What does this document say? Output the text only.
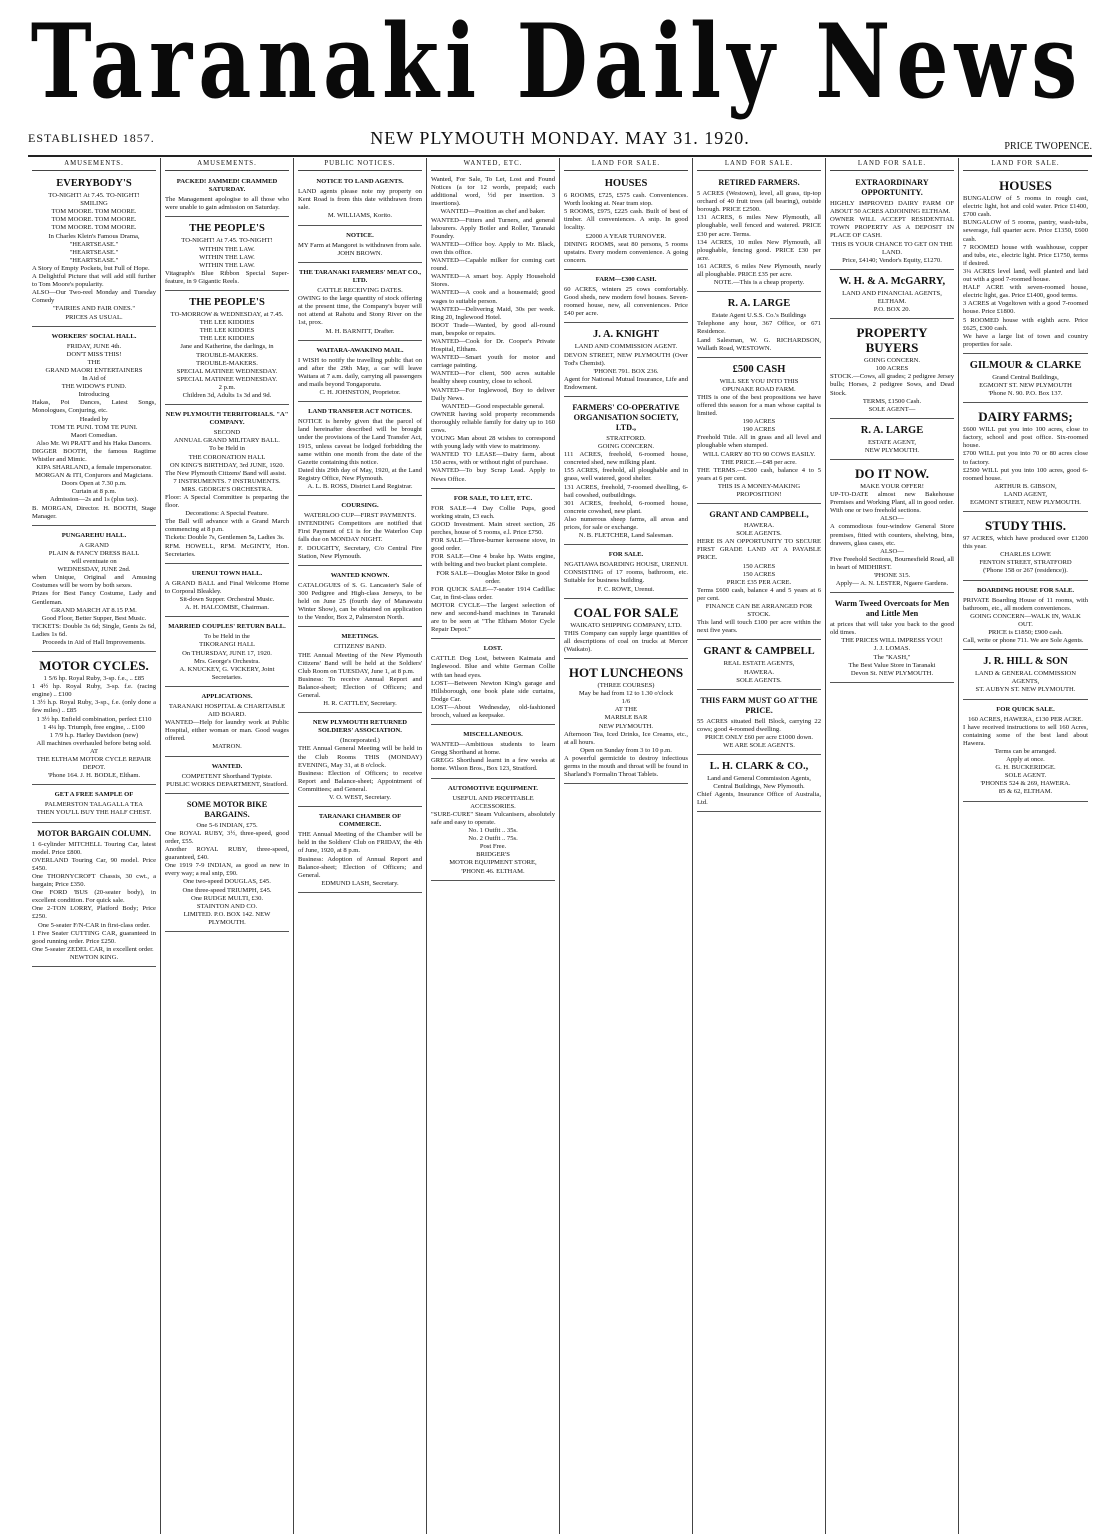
Taranaki Daily News
ESTABLISHED 1857.	NEW PLYMOUTH MONDAY. MAY 31. 1920.	PRICE TWOPENCE.
AMUSEMENTS.
EVERYBODY'S
TO-NIGHT! At 7.45. TO-NIGHT!
SMILING
TOM MOORE. TOM MOORE.
TOM MOORE. TOM MOORE.
TOM MOORE. TOM MOORE.
In Charles Klein's Famous Drama,
"HEARTSEASE."
"HEARTSEASE."
"HEARTSEASE."
A Story of Empty Pockets, but Full of Hope.
A Delightful Picture that will add still further to Tom Moore's popularity.
ALSO—Our Two-reel Monday and Tuesday Comedy
"FAIRIES AND FAIR ONES."
PRICES AS USUAL.
WORKERS' SOCIAL HALL.
FRIDAY, JUNE 4th.
DON'T MISS THIS!
THE
GRAND MAORI ENTERTAINERS
In Aid of
THE WIDOW'S FUND.
Introducing
Hakas, Poi Dances, Latest Songs, Monologues, Conjuring, etc.
Headed by
TOM TE PUNI. TOM TE PUNI.
Maori Comedian.
Also Mr. Wi PRATT and his Haka Dancers.
DIGGER BOOTH, the famous Ragtime Whistler and Mimic.
KIPA SHARLAND, a female impersonator.
MORGAN & ITI, Conjurors and Magicians.
Doors Open at 7.30 p.m.
Curtain at 8 p.m.
Admission—2s and 1s (plus tax).
B. MORGAN, Director. H. BOOTH, Stage Manager.
PUNGAREHU HALL.
A GRAND
PLAIN & FANCY DRESS BALL
will eventuate on
WEDNESDAY, JUNE 2nd.
when Unique, Original and Amusing Costumes will be worn by both sexes.
Prizes for Best Fancy Costume, Lady and Gentleman.
GRAND MARCH AT 8.15 P.M.
Good Floor, Better Supper, Best Music.
TICKETS: Double 3s 6d; Single, Gents 2s 6d, Ladies 1s 6d.
Proceeds in Aid of Hall Improvements.
MOTOR CYCLES.
1 5/6 hp. Royal Ruby, 3-sp. f.e., .. £85
1 4½ hp. Royal Ruby, 3-sp. f.e. (racing engine) .. £100
1 3½ h.p. Royal Ruby, 3-sp., f.e. (only done a few miles) .. £85
1 3½ hp. Enfield combination, perfect £110
1 4¼ hp. Triumph, free engine, .. £100
1 7/9 h.p. Harley Davidson (new)
All machines overhauled before being sold.
AT
THE ELTHAM MOTOR CYCLE REPAIR DEPOT.
'Phone 164. J. H. BODLE, Eltham.
GET A FREE SAMPLE OF
PALMERSTON TALAGALLA TEA
THEN YOU'LL BUY THE HALF CHEST.
MOTOR BARGAIN COLUMN.
1 6-cylinder MITCHELL Touring Car, latest model. Price £800.
OVERLAND Touring Car, 90 model. Price £450.
One THORNYCROFT Chassis, 30 cwt., a bargain; Price £350.
One FORD 'BUS (20-seater body), in excellent condition. For quick sale.
One 2-TON LORRY, Platford Body; Price £250.
One 5-seater F/N-CAR in first-class order.
1 Five Seater CUTTING CAR, guaranteed in good running order. Price £250.
One 5-seater ZEDEL CAR, in excellent order.
NEWTON KING.
AMUSEMENTS.
PACKED! JAMMED! CRAMMED SATURDAY.
The Management apologise to all those who were unable to gain admission on Saturday.
THE PEOPLE'S
TO-NIGHT! At 7.45. TO-NIGHT!
WITHIN THE LAW.
WITHIN THE LAW.
WITHIN THE LAW.
Vitagraph's Blue Ribbon Special Super-feature, in 9 Gigantic Reels.
THE PEOPLE'S
TO-MORROW & WEDNESDAY, at 7.45.
THE LEE KIDDIES
THE LEE KIDDIES
THE LEE KIDDIES
Jane and Katherine, the darlings, in
TROUBLE-MAKERS.
TROUBLE-MAKERS.
SPECIAL MATINEE WEDNESDAY.
SPECIAL MATINEE WEDNESDAY.
2 p.m.
Children 3d, Adults 1s 3d and 9d.
NEW PLYMOUTH TERRITORIALS. "A" COMPANY.
SECOND
ANNUAL GRAND MILITARY BALL.
To be Held in
THE CORONATION HALL
ON KING'S BIRTHDAY, 3rd JUNE, 1920.
The New Plymouth Citizens' Band will assist.
7 INSTRUMENTS. 7 INSTRUMENTS.
MRS. GEORGE'S ORCHESTRA.
Floor: A Special Committee is preparing the floor.
Decorations: A Special Feature.
The Ball will advance with a Grand March commencing at 8 p.m.
Tickets: Double 7s, Gentlemen 5s, Ladies 3s.
RFM. HOWELL, RFM. McGINTY, Hon. Secretaries.
URENUI TOWN HALL.
A GRAND BALL and Final Welcome Home to Corporal Bleakley.
Sit-down Supper. Orchestral Music.
A. H. HALCOMBE, Chairman.
MARRIED COUPLES' RETURN BALL.
To be Held in the
TIKORANGI HALL
On THURSDAY, JUNE 17, 1920.
Mrs. George's Orchestra.
A. KNUCKEY, G. VICKERY, Joint Secretaries.
APPLICATIONS.
TARANAKI HOSPITAL & CHARITABLE AID BOARD.
WANTED—Help for laundry work at Public Hospital, either woman or man. Good wages offered.
MATRON.
WANTED.
COMPETENT Shorthand Typiste.
PUBLIC WORKS DEPARTMENT, Stratford.
SOME MOTOR BIKE BARGAINS.
One 5-6 INDIAN, £75.
One ROYAL RUBY, 3½, three-speed, good order, £55.
Another ROYAL RUBY, three-speed, guaranteed, £40.
One 1919 7-9 INDIAN, as good as new in every way; a real snip, £90.
One two-speed DOUGLAS, £45.
One three-speed TRIUMPH, £45.
One RUDGE MULTI, £30.
STAINTON AND CO.
LIMITED. P.O. BOX 142. NEW PLYMOUTH.
PUBLIC NOTICES.
NOTICE TO LAND AGENTS.
LAND agents please note my property on Kent Road is from this date withdrawn from sale.
M. WILLIAMS, Korito.
NOTICE.
MY Farm at Mangorei is withdrawn from sale.
JOHN BROWN.
THE TARANAKI FARMERS' MEAT CO., LTD.
CATTLE RECEIVING DATES.
OWING to the large quantity of stock offering at the present time, the Company's buyer will not attend at Rahotu and Stony River on the 1st, prox.
M. H. BARNITT, Drafter.
WAITARA-AWAKINO MAIL.
I WISH to notify the travelling public that on and after the 29th May, a car will leave Waitara at 7 a.m. daily, carrying all passengers and mails beyond Tongaporutu.
C. H. JOHNSTON, Proprietor.
LAND TRANSFER ACT NOTICES.
NOTICE is hereby given that the parcel of land hereinafter described will be brought under the provisions of the Land Transfer Act, 1915, unless caveat be lodged forbidding the same within one month from the date of the Gazette containing this notice.
Dated this 29th day of May, 1920, at the Land Registry Office, New Plymouth.
A. L. B. ROSS, District Land Registrar.
COURSING.
WATERLOO CUP—FIRST PAYMENTS.
INTENDING Competitors are notified that First Payment of £1 is for the Waterloo Cup falls due on MONDAY NIGHT.
F. DOUGHTY, Secretary, C/o Central Fire Station, New Plymouth.
WANTED KNOWN.
CATALOGUES of S. G. Lancaster's Sale of 300 Pedigree and High-class Jerseys, to be held on June 25 (fourth day of Manawatu Winter Show), can be obtained on application to the Vendor, Box 2, Palmerston North.
MEETINGS.
CITIZENS' BAND.
THE Annual Meeting of the New Plymouth Citizens' Band will be held at the Soldiers' Club Room on TUESDAY, June 1, at 8 p.m.
Business: To receive Annual Report and Balance-sheet; Election of Officers; and General.
H. R. CATTLEY, Secretary.
NEW PLYMOUTH RETURNED SOLDIERS' ASSOCIATION.
(Incorporated.)
THE Annual General Meeting will be held in the Club Rooms THIS (MONDAY) EVENING, May 31, at 8 o'clock.
Business: Election of Officers; to receive Report and Balance-sheet; Appointment of Committees; and General.
V. O. WEST, Secretary.
TARANAKI CHAMBER OF COMMERCE.
THE Annual Meeting of the Chamber will be held in the Soldiers' Club on FRIDAY, the 4th of June, 1920, at 8 p.m.
Business: Adoption of Annual Report and Balance-sheet; Election of Officers; and General.
EDMUND LASH, Secretary.
WANTED, ETC.
Wanted, For Sale, To Let, Lost and Found Notices (a tor 12 words, prepaid; each additional word, ½d per insertion. 3 insertions).
WANTED—Position as chef and baker.
WANTED—Fitters and Turners, and general labourers. Apply Boiler and Roller, Taranaki Foundry.
WANTED—Office boy. Apply to Mr. Black, own this office.
WANTED—Capable milker for coming cart round.
WANTED—A smart boy. Apply Household Stores.
WANTED—A cook and a housemaid; good wages to suitable person.
WANTED—Delivering Maid, 30s per week. Ring 20, Inglewood Hotel.
BOOT Trade—Wanted, by good all-round man, bespoke or repairs.
WANTED—Cook for Dr. Cooper's Private Hospital, Eltham.
WANTED—Smart youth for motor and carriage painting.
WANTED—For client, 500 acres suitable healthy sheep country, close to school.
WANTED—For Inglewood, Boy to deliver Daily News.
WANTED—Good respectable general.
OWNER having sold property recommends thoroughly reliable family for dairy up to 160 cows.
YOUNG Man about 28 wishes to correspond with young lady with view to matrimony.
WANTED TO LEASE—Dairy farm, about 150 acres, with or without right of purchase.
WANTED—To buy Scrap Lead. Apply to News Office.
FOR SALE, TO LET, ETC.
FOR SALE—4 Day Collie Pups, good working strain, £3 each.
GOOD Investment. Main street section, 26 perches, house of 5 rooms, e.l. Price £750.
FOR SALE—Three-burner kerosene stove, in good order.
FOR SALE—One 4 brake hp. Watts engine, with belting and two bucket plant complete.
FOR SALE—Douglas Motor Bike in good order.
FOR QUICK SALE—7-seater 1914 Cadillac Car, in first-class order.
MOTOR CYCLE—The largest selection of new and second-hand machines in Taranaki are to be seen at "The Eltham Motor Cycle Repair Depot."
LOST.
CATTLE Dog Lost, between Kaimata and Inglewood. Blue and white German Collie with tan head eyes.
LOST—Between Newton King's garage and Hillsborough, one book plate side curtains, Dodge Car.
LOST—About Wednesday, old-fashioned brooch, valued as keepsake.
MISCELLANEOUS.
WANTED—Ambitious students to learn Gregg Shorthand at home.
GREGG Shorthand learnt in a few weeks at home. Wilson Bros., Box 123, Stratford.
AUTOMOTIVE EQUIPMENT.
USEFUL AND PROFITABLE ACCESSORIES.
"SURE-CURE" Steam Vulcanisers, absolutely safe and easy to operate.
No. 1 Outfit .. 35s.
No. 2 Outfit .. 75s.
Post Free.
BRIDGER'S
MOTOR EQUIPMENT STORE,
'PHONE 46. ELTHAM.
LAND FOR SALE.
HOUSES
6 ROOMS, £725, £575 cash. Conveniences. Worth looking at. Near tram stop.
5 ROOMS, £975, £225 cash. Built of best of timber. All conveniences. A snip. In good locality.
£2000 A YEAR TURNOVER.
DINING ROOMS, seat 80 persons, 5 rooms upstairs. Every modern convenience. A going concern.
FARM—£300 CASH.
60 ACRES, winters 25 cows comfortably. Good sheds, new modern fowl houses. Seven-roomed house, new, all conveniences. Price £40 per acre.
J. A. KNIGHT
LAND AND COMMISSION AGENT.
DEVON STREET, NEW PLYMOUTH (Over Tod's Chemist).
'PHONE 791. BOX 236.
Agent for National Mutual Insurance, Life and Endowment.
FARMERS' CO-OPERATIVE ORGANISATION SOCIETY, LTD.,
STRATFORD.
GOING CONCERN.
111 ACRES, freehold, 6-roomed house, concreted shed, new milking plant.
155 ACRES, freehold, all ploughable and in grass, well watered, good shelter.
131 ACRES, freehold, 7-roomed dwelling, 6-bail cowshed, outbuildings.
301 ACRES, freehold, 6-roomed house, concrete cowshed, new plant.
Also numerous sheep farms, all areas and prices, for sale or exchange.
N. B. FLETCHER, Land Salesman.
FOR SALE.
NGATIAWA BOARDING HOUSE, URENUI.
CONSISTING of 17 rooms, bathroom, etc. Suitable for business building.
F. C. ROWE, Urenui.
COAL FOR SALE
WAIKATO SHIPPING COMPANY, LTD.
THIS Company can supply large quantities of all descriptions of coal on trucks at Mercer (Waikato).
HOT LUNCHEONS
(THREE COURSES)
May be had from 12 to 1.30 o'clock
1/6
AT THE
MARBLE BAR
NEW PLYMOUTH.
Afternoon Tea, Iced Drinks, Ice Creams, etc., at all hours.
Open on Sunday from 3 to 10 p.m.
A powerful germicide to destroy infectious germs in the mouth and throat will be found in Sharland's Formalin Throat Tablets.
LAND FOR SALE.
RETIRED FARMERS.
5 ACRES (Westown), level, all grass, tip-top orchard of 40 fruit trees (all bearing), outside borough. PRICE £2500.
131 ACRES, 6 miles New Plymouth, all ploughable, well fenced and watered. PRICE £30 per acre. Terms.
134 ACRES, 10 miles New Plymouth, all ploughable, fencing good. PRICE £30 per acre.
161 ACRES, 6 miles New Plymouth, nearly all ploughable. PRICE £35 per acre.
NOTE.—This is a cheap property.
R. A. LARGE
Estate Agent U.S.S. Co.'s Buildings
Telephone any hour, 367 Office, or 671 Residence.
Land Salesman, W. G. RICHARDSON, Wallath Road, WESTOWN.
£500 CASH
WILL SEE YOU INTO THIS
OPUNAKE ROAD FARM.
THIS is one of the best propositions we have offered this season for a man whose capital is limited.
190 ACRES
190 ACRES
Freehold Title. All in grass and all level and ploughable when stumped.
WILL CARRY 80 TO 90 COWS EASILY.
THE PRICE.—£48 per acre.
THE TERMS.—£500 cash, balance 4 to 5 years at 6 per cent.
THIS IS A MONEY-MAKING PROPOSITION!
GRANT AND CAMPBELL,
HAWERA.
SOLE AGENTS.
HERE IS AN OPPORTUNITY TO SECURE FIRST GRADE LAND AT A PAYABLE PRICE.
150 ACRES
150 ACRES
PRICE £35 PER ACRE.
Terms £600 cash, balance 4 and 5 years at 6 per cent.
FINANCE CAN BE ARRANGED FOR STOCK.
This land will touch £100 per acre within the next five years.
GRANT & CAMPBELL
REAL ESTATE AGENTS,
HAWERA.
SOLE AGENTS.
THIS FARM MUST GO AT THE PRICE.
55 ACRES situated Bell Block, carrying 22 cows; good 4-roomed dwelling.
PRICE ONLY £60 per acre £1000 down.
WE ARE SOLE AGENTS.
L. H. CLARK & CO.,
Land and General Commission Agents,
Central Buildings, New Plymouth.
Chief Agents, Insurance Office of Australia, Ltd.
LAND FOR SALE.
EXTRAORDINARY OPPORTUNITY.
HIGHLY IMPROVED DAIRY FARM OF ABOUT 50 ACRES ADJOINING ELTHAM.
OWNER WILL ACCEPT RESIDENTIAL TOWN PROPERTY AS A DEPOSIT IN PLACE OF CASH.
THIS IS YOUR CHANCE TO GET ON THE LAND.
Price, £4140; Vendor's Equity, £1270.
W. H. & A. McGARRY,
LAND AND FINANCIAL AGENTS,
ELTHAM.
P.O. BOX 20.
PROPERTY BUYERS
GOING CONCERN.
100 ACRES
STOCK.—Cows, all grades; 2 pedigree Jersey bulls; Horses, 2 pedigree Sows, and Dead Stock.
TERMS, £1500 Cash.
SOLE AGENT—
R. A. LARGE
ESTATE AGENT,
NEW PLYMOUTH.
DO IT NOW.
MAKE YOUR OFFER!
UP-TO-DATE almost new Bakehouse Premises and Working Plant, all in good order. With one or two freehold sections.
ALSO—
A commodious four-window General Store premises, fitted with counters, shelving, bins, drawers, glass cases, etc.
ALSO—
Five Freehold Sections, Bournesfield Road, all in heart of MIDHIRST.
'PHONE 315.
Apply— A. N. LESTER, Ngaere Gardens.
Warm Tweed Overcoats for Men and Little Men
at prices that will take you back to the good old times.
THE PRICES WILL IMPRESS YOU!
J. J. LOMAS.
The "KASH,"
The Best Value Store in Taranaki
Devon St. NEW PLYMOUTH.
LAND FOR SALE.
HOUSES
BUNGALOW of 5 rooms in rough cast, electric light, hot and cold water. Price £1400, £700 cash.
BUNGALOW of 5 rooms, pantry, wash-tubs, sewerage, full quarter acre. Price £1350, £600 cash.
7 ROOMED house with washhouse, copper and tubs, etc., electric light. Price £1750, terms if desired.
3¼ ACRES level land, well planted and laid out with a good 7-roomed house.
HALF ACRE with seven-roomed house, electric light, gas. Price £1400, good terms.
3 ACRES at Vogeltown with a good 7-roomed house. Price £1800.
5 ROOMED house with eighth acre. Price £625, £300 cash.
We have a large list of town and country properties for sale.
GILMOUR & CLARKE
Grand Central Buildings,
EGMONT ST. NEW PLYMOUTH
'Phone N. 90. P.O. Box 137.
DAIRY FARMS;
£600 WILL put you into 100 acres, close to factory, school and post office. Six-roomed house.
£700 WILL put you into 70 or 80 acres close to factory.
£2500 WILL put you into 100 acres, good 6-roomed house.
ARTHUR B. GIBSON,
LAND AGENT,
EGMONT STREET, NEW PLYMOUTH.
STUDY THIS.
97 ACRES, which have produced over £1200 this year.
CHARLES LOWE
FENTON STREET, STRATFORD
('Phone 158 or 267 (residence)).
BOARDING HOUSE FOR SALE.
PRIVATE Boarding House of 11 rooms, with bathroom, etc., all modern conveniences.
GOING CONCERN—WALK IN, WALK OUT.
PRICE is £1850; £900 cash.
Call, write or phone 711. We are Sole Agents.
J. R. HILL & SON
LAND & GENERAL COMMISSION AGENTS,
ST. AUBYN ST. NEW PLYMOUTH.
FOR QUICK SALE.
160 ACRES, HAWERA, £130 PER ACRE.
I have received instructions to sell 160 Acres, containing some of the best land about Hawera.
Terms can be arranged.
Apply at once.
G. H. BUCKERIDGE.
SOLE AGENT.
'PHONES 524 & 269, HAWERA.
85 & 62, ELTHAM.
